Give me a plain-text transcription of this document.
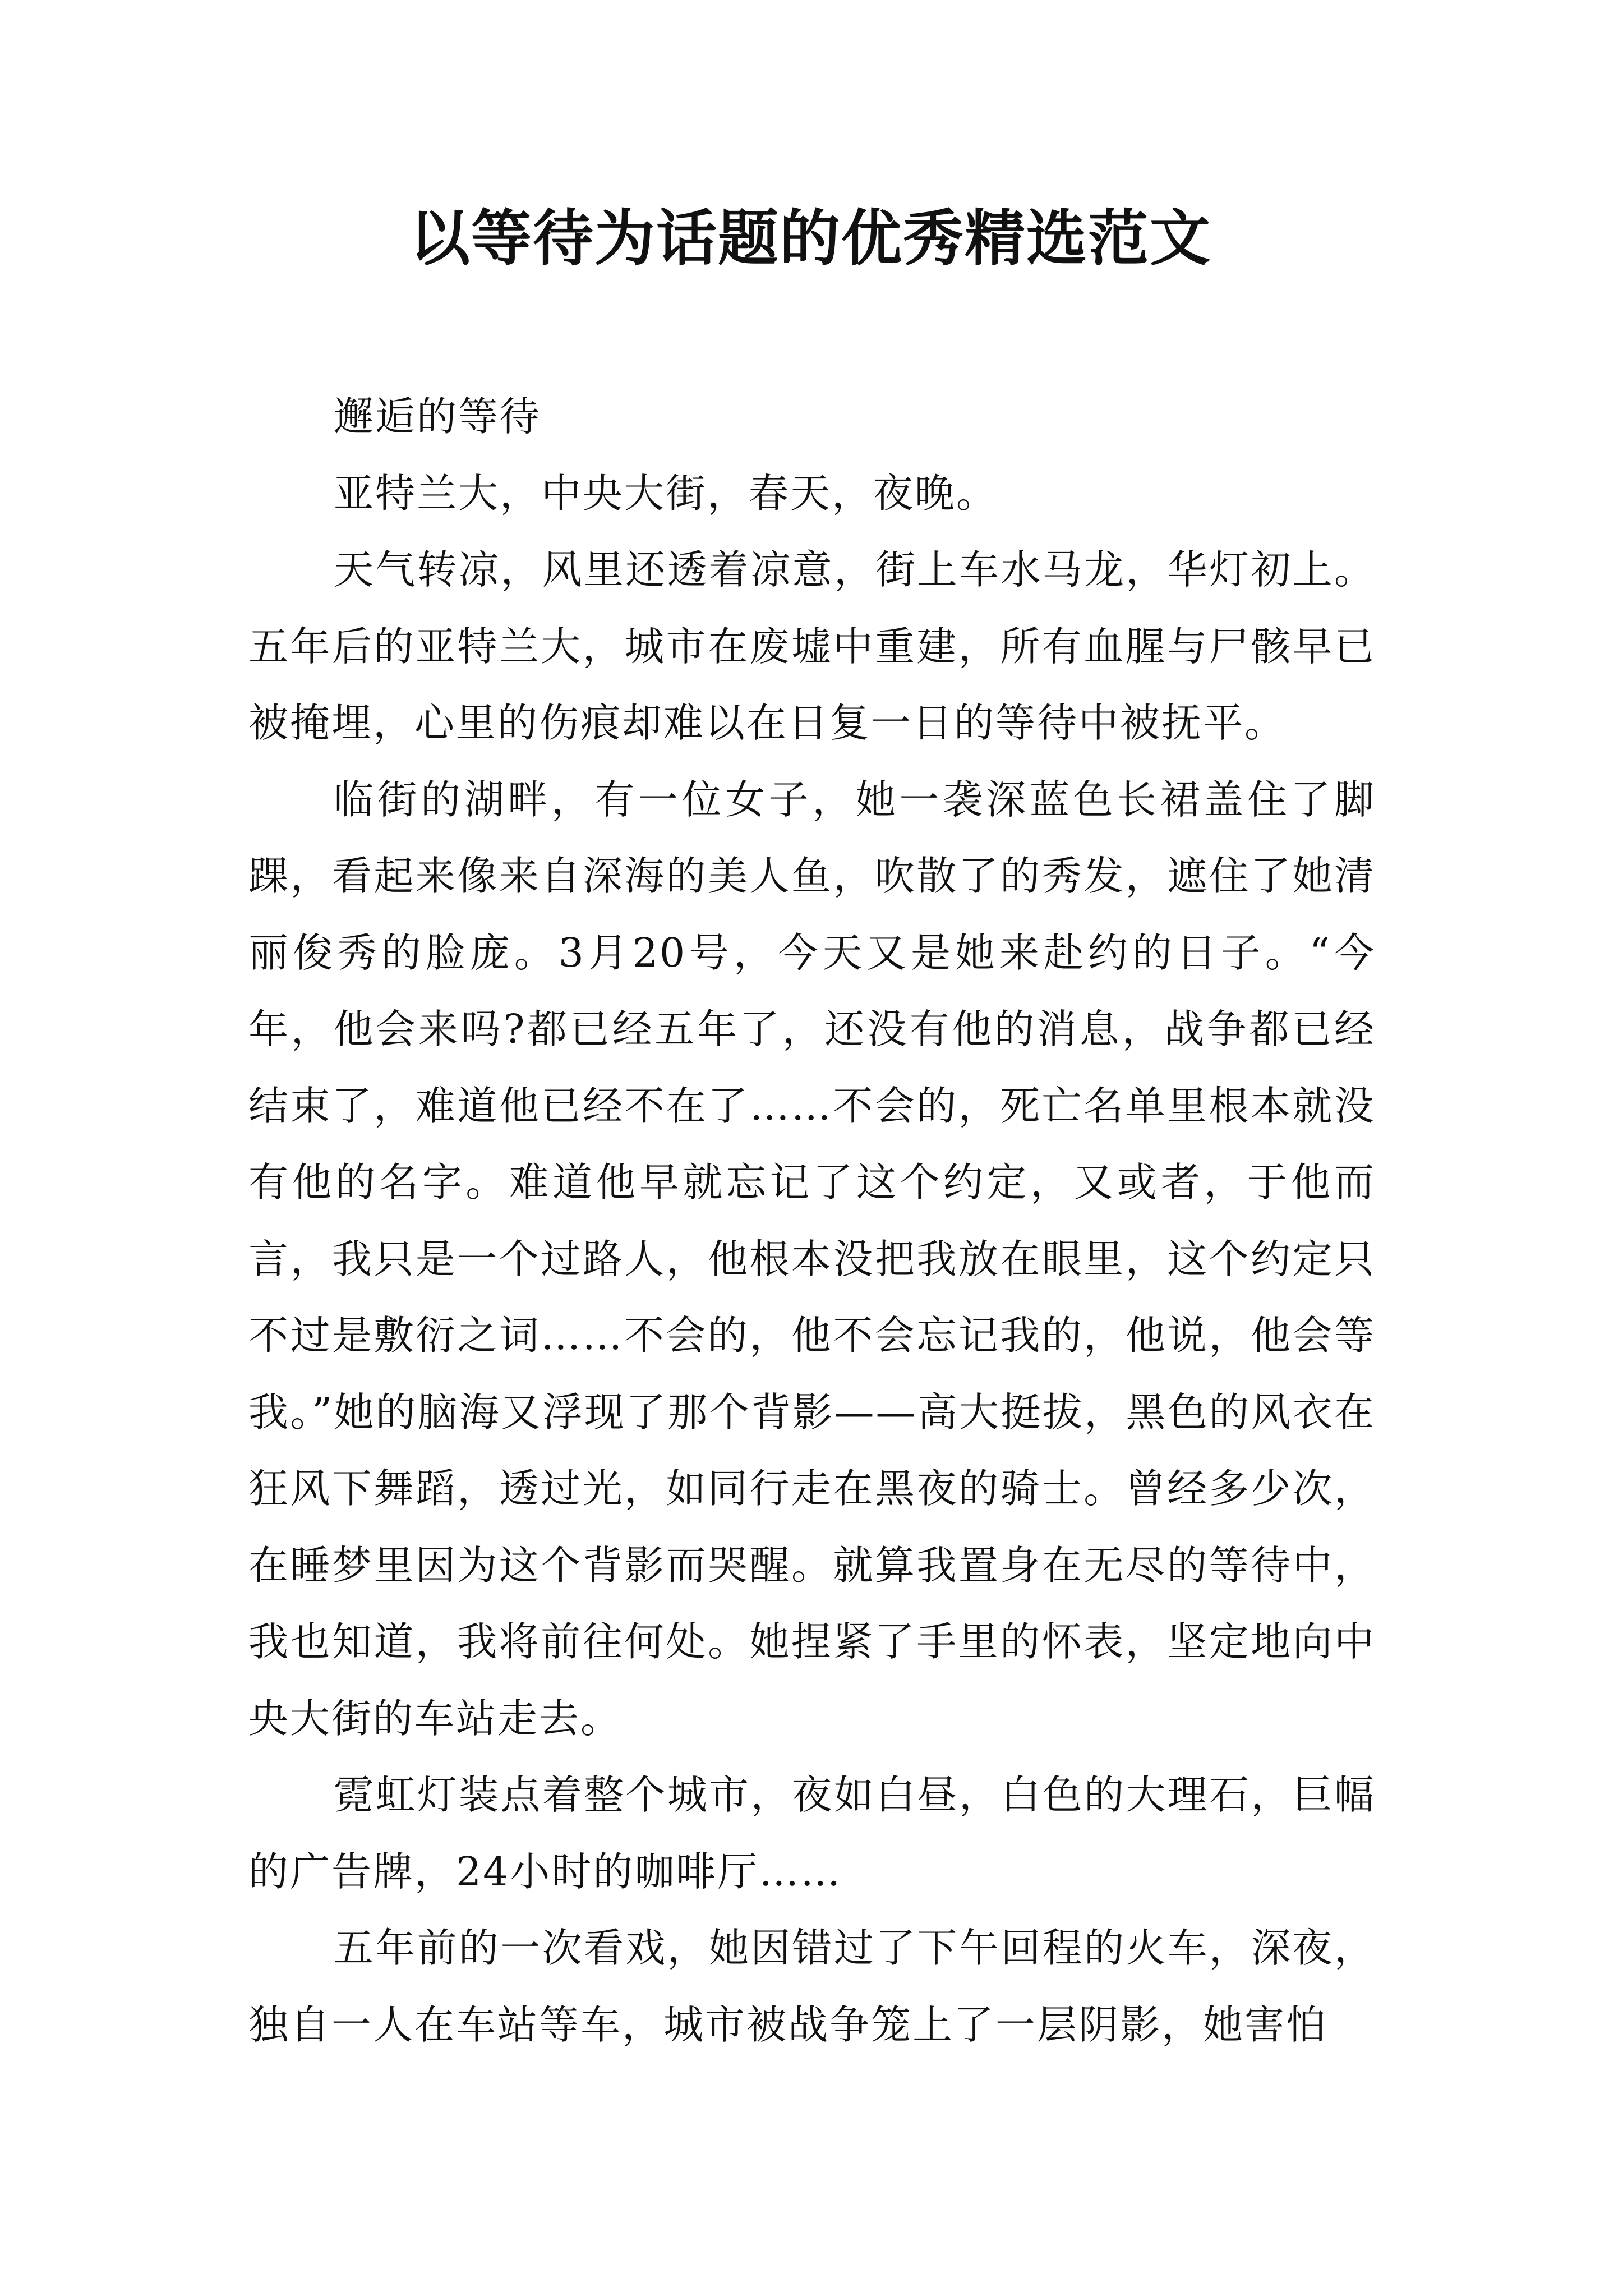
以等待为话题的优秀精选范文

邂逅的等待

亚特兰大，中央大街，春天，夜晚。

天气转凉，风里还透着凉意，街上车水马龙，华灯初上。五年后的亚特兰大，城市在废墟中重建，所有血腥与尸骸早已被掩埋，心里的伤痕却难以在日复一日的等待中被抚平。

临街的湖畔，有一位女子，她一袭深蓝色长裙盖住了脚踝，看起来像来自深海的美人鱼，吹散了的秀发，遮住了她清丽俊秀的脸庞。3月20号，今天又是她来赴约的日子。“今年，他会来吗?都已经五年了，还没有他的消息，战争都已经结束了，难道他已经不在了……不会的，死亡名单里根本就没有他的名字。难道他早就忘记了这个约定，又或者，于他而言，我只是一个过路人，他根本没把我放在眼里，这个约定只不过是敷衍之词……不会的，他不会忘记我的，他说，他会等我。”她的脑海又浮现了那个背影——高大挺拔，黑色的风衣在狂风下舞蹈，透过光，如同行走在黑夜的骑士。曾经多少次，在睡梦里因为这个背影而哭醒。就算我置身在无尽的等待中，我也知道，我将前往何处。她捏紧了手里的怀表，坚定地向中央大街的车站走去。

霓虹灯装点着整个城市，夜如白昼，白色的大理石，巨幅的广告牌，24小时的咖啡厅……

五年前的一次看戏，她因错过了下午回程的火车，深夜，独自一人在车站等车，城市被战争笼上了一层阴影，她害怕
